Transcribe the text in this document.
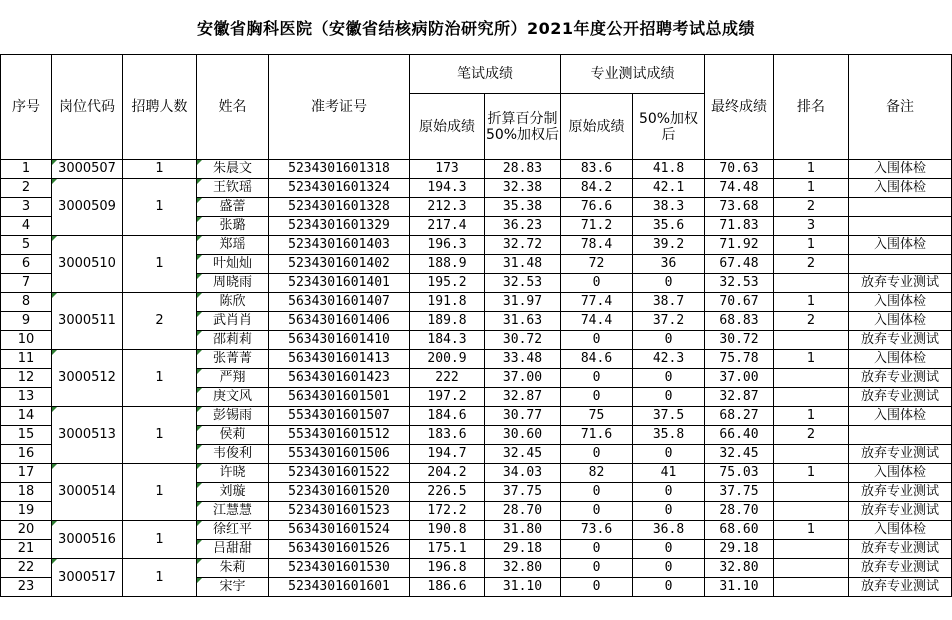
安徽省胸科医院（安徽省结核病防治研究所）2021年度公开招聘考试总成绩
序号	岗位代码	招聘人数	姓名	准考证号	笔试成绩		专业测试成绩		最终成绩	排名	备注
					原始成绩	折算百分制50%加权后	原始成绩	50%加权后			
1	3000507	1	朱晨文	5234301601318	173	28.83	83.6	41.8	70.63	1	入围体检
2	3000509	1	王钦瑶	5234301601324	194.3	32.38	84.2	42.1	74.48	1	入围体检
3			盛蕾	5234301601328	212.3	35.38	76.6	38.3	73.68	2	
4			张璐	5234301601329	217.4	36.23	71.2	35.6	71.83	3	
5	3000510	1	郑瑶	5234301601403	196.3	32.72	78.4	39.2	71.92	1	入围体检
6			叶灿灿	5234301601402	188.9	31.48	72	36	67.48	2	
7			周晓雨	5234301601401	195.2	32.53	0	0	32.53		放弃专业测试
8	3000511	2	陈欣	5634301601407	191.8	31.97	77.4	38.7	70.67	1	入围体检
9			武肖肖	5634301601406	189.8	31.63	74.4	37.2	68.83	2	入围体检
10			邵莉莉	5634301601410	184.3	30.72	0	0	30.72		放弃专业测试
11	3000512	1	张菁菁	5634301601413	200.9	33.48	84.6	42.3	75.78	1	入围体检
12			严翔	5634301601423	222	37.00	0	0	37.00		放弃专业测试
13			庚文风	5634301601501	197.2	32.87	0	0	32.87		放弃专业测试
14	3000513	1	彭锡雨	5534301601507	184.6	30.77	75	37.5	68.27	1	入围体检
15			侯莉	5534301601512	183.6	30.60	71.6	35.8	66.40	2	
16			韦俊利	5534301601506	194.7	32.45	0	0	32.45		放弃专业测试
17	3000514	1	许晓	5234301601522	204.2	34.03	82	41	75.03	1	入围体检
18			刘璇	5234301601520	226.5	37.75	0	0	37.75		放弃专业测试
19			江慧慧	5234301601523	172.2	28.70	0	0	28.70		放弃专业测试
20	3000516	1	徐红平	5634301601524	190.8	31.80	73.6	36.8	68.60	1	入围体检
21			吕甜甜	5634301601526	175.1	29.18	0	0	29.18		放弃专业测试
22	3000517	1	朱莉	5234301601530	196.8	32.80	0	0	32.80		放弃专业测试
23			宋宇	5234301601601	186.6	31.10	0	0	31.10		放弃专业测试
